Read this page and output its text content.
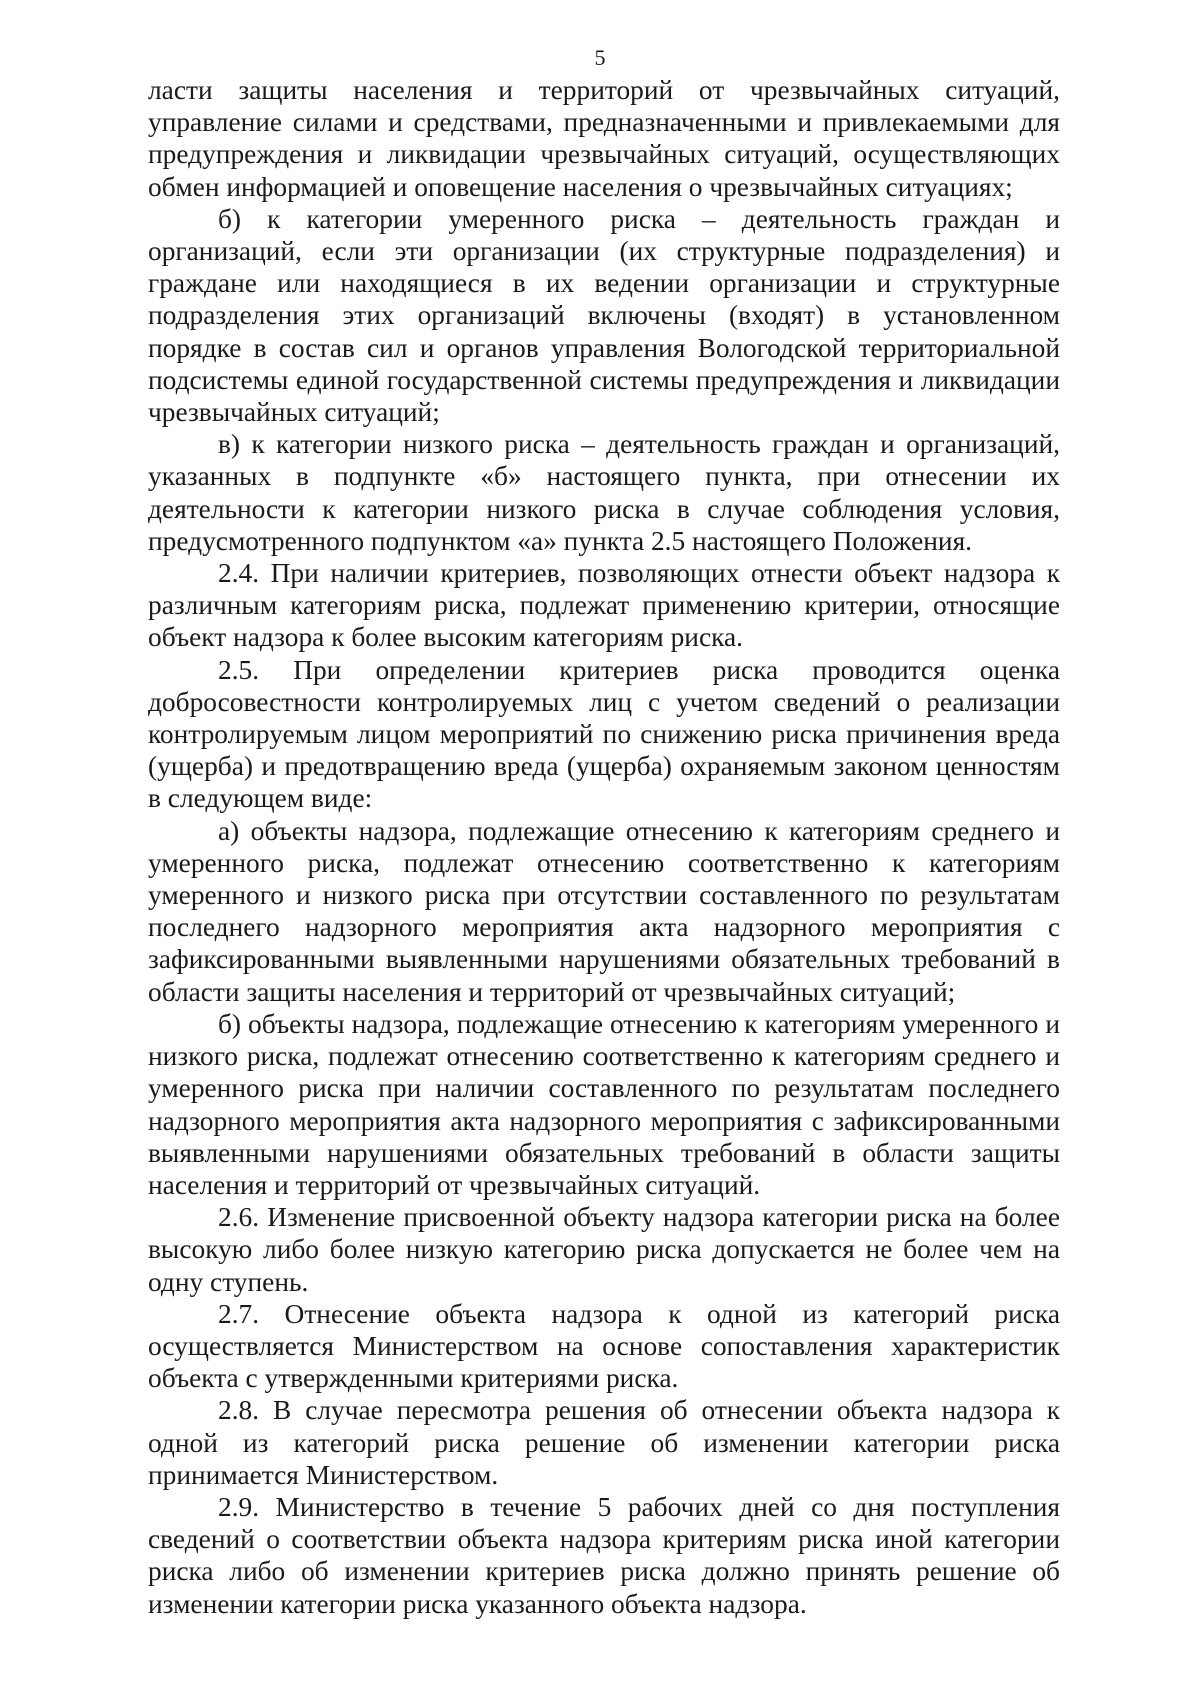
5

ласти защиты населения и территорий от чрезвычайных ситуаций, управление силами и средствами, предназначенными и привлекаемыми для предупреждения и ликвидации чрезвычайных ситуаций, осуществляющих обмен информацией и оповещение населения о чрезвычайных ситуациях;

б) к категории умеренного риска – деятельность граждан и организаций, если эти организации (их структурные подразделения) и граждане или находящиеся в их ведении организации и структурные подразделения этих организаций включены (входят) в установленном порядке в состав сил и органов управления Вологодской территориальной подсистемы единой государственной системы предупреждения и ликвидации чрезвычайных ситуаций;

в) к категории низкого риска – деятельность граждан и организаций, указанных в подпункте «б» настоящего пункта, при отнесении их деятельности к категории низкого риска в случае соблюдения условия, предусмотренного подпунктом «а» пункта 2.5 настоящего Положения.

2.4. При наличии критериев, позволяющих отнести объект надзора к различным категориям риска, подлежат применению критерии, относящие объект надзора к более высоким категориям риска.

2.5. При определении критериев риска проводится оценка добросовестности контролируемых лиц с учетом сведений о реализации контролируемым лицом мероприятий по снижению риска причинения вреда (ущерба) и предотвращению вреда (ущерба) охраняемым законом ценностям в следующем виде:

а) объекты надзора, подлежащие отнесению к категориям среднего и умеренного риска, подлежат отнесению соответственно к категориям умеренного и низкого риска при отсутствии составленного по результатам последнего надзорного мероприятия акта надзорного мероприятия с зафиксированными выявленными нарушениями обязательных требований в области защиты населения и территорий от чрезвычайных ситуаций;

б) объекты надзора, подлежащие отнесению к категориям умеренного и низкого риска, подлежат отнесению соответственно к категориям среднего и умеренного риска при наличии составленного по результатам последнего надзорного мероприятия акта надзорного мероприятия с зафиксированными выявленными нарушениями обязательных требований в области защиты населения и территорий от чрезвычайных ситуаций.

2.6. Изменение присвоенной объекту надзора категории риска на более высокую либо более низкую категорию риска допускается не более чем на одну ступень.

2.7. Отнесение объекта надзора к одной из категорий риска осуществляется Министерством на основе сопоставления характеристик объекта с утвержденными критериями риска.

2.8. В случае пересмотра решения об отнесении объекта надзора к одной из категорий риска решение об изменении категории риска принимается Министерством.

2.9. Министерство в течение 5 рабочих дней со дня поступления сведений о соответствии объекта надзора критериям риска иной категории риска либо об изменении критериев риска должно принять решение об изменении категории риска указанного объекта надзора.
